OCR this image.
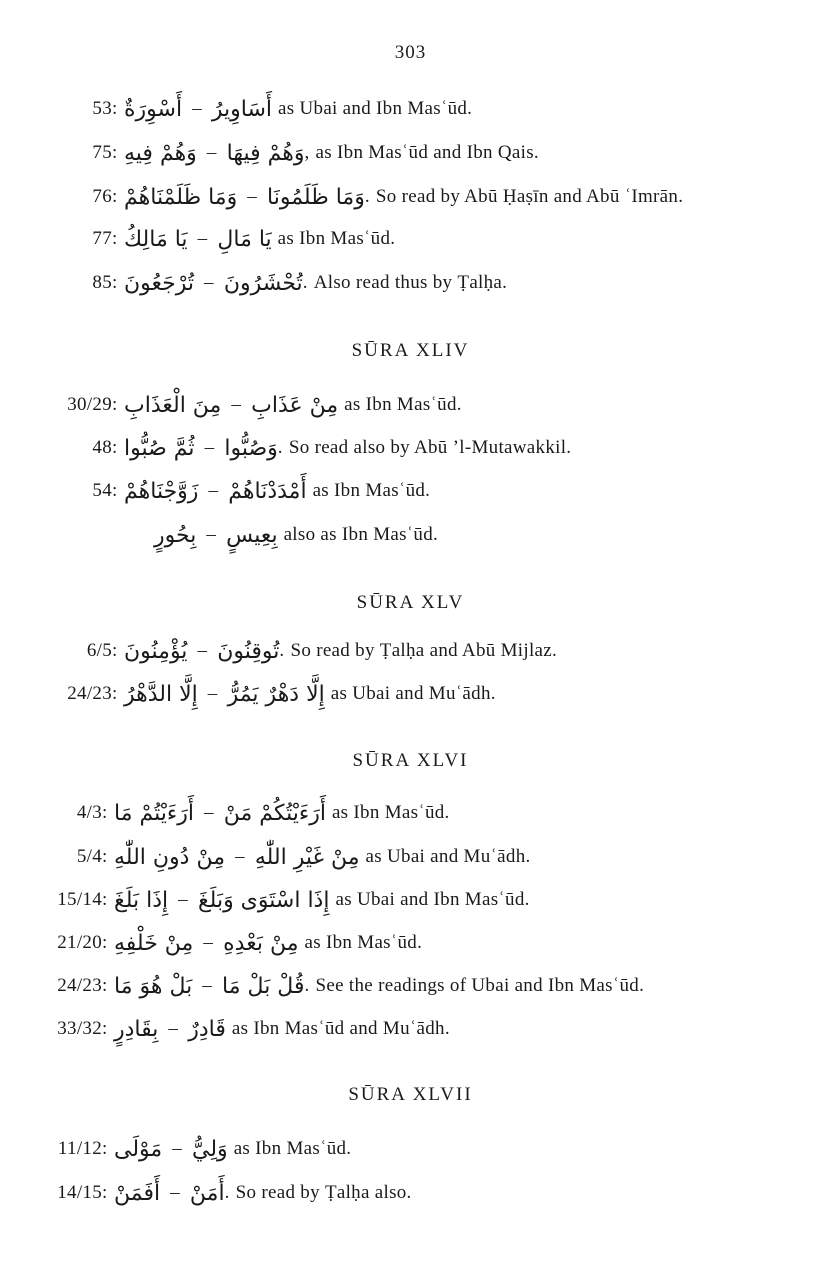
303
53 : أَسْوِرَةٌ – أَسَاوِيرُ as Ubai and Ibn Masʿūd.
75 : وَهُمْ فِيهِ – وَهُمْ فِيهَا , as Ibn Masʿūd and Ibn Qais.
76 : وَمَا ظَلَمْنَاهُمْ – وَمَا ظَلَمُونَا . So read by Abū Ḥaṣīn and Abū ʿImrān.
77 : يَا مَالِكُ – يَا مَالِ as Ibn Masʿūd.
85 : تُرْجَعُونَ – تُحْشَرُونَ . Also read thus by Ṭalḥa.
SŪRA XLIV
30/29 : مِنَ الْعَذَابِ – مِنْ عَذَابِ as Ibn Masʿūd.
48 : ثُمَّ صُبُّوا – وَصُبُّوا . So read also by Abū ’l-Mutawakkil.
54 : زَوَّجْنَاهُمْ – أَمْدَدْنَاهُمْ as Ibn Masʿūd.
بِحُورٍ – بِعِيسٍ also as Ibn Masʿūd.
SŪRA XLV
6/5 : يُؤْمِنُونَ – تُوقِنُونَ . So read by Ṭalḥa and Abū Mijlaz.
24/23 : إِلَّا الدَّهْرُ – إِلَّا دَهْرٌ يَمُرُّ as Ubai and Muʿādh.
SŪRA XLVI
4/3 : أَرَءَيْتُمْ مَا – أَرَءَيْتُكُمْ مَنْ as Ibn Masʿūd.
5/4 : مِنْ دُونِ اللّٰهِ – مِنْ غَيْرِ اللّٰهِ as Ubai and Muʿādh.
15/14 : إِذَا بَلَغَ – إِذَا اسْتَوَى وَبَلَغَ as Ubai and Ibn Masʿūd.
21/20 : مِنْ خَلْفِهِ – مِنْ بَعْدِهِ as Ibn Masʿūd.
24/23 : بَلْ هُوَ مَا – قُلْ بَلْ مَا . See the readings of Ubai and Ibn Masʿūd.
33/32 : بِقَادِرٍ – قَادِرٌ as Ibn Masʿūd and Muʿādh.
SŪRA XLVII
11/12 : مَوْلَى – وَلِيُّ as Ibn Masʿūd.
14/15 : أَفَمَنْ – أَمَنْ . So read by Ṭalḥa also.
